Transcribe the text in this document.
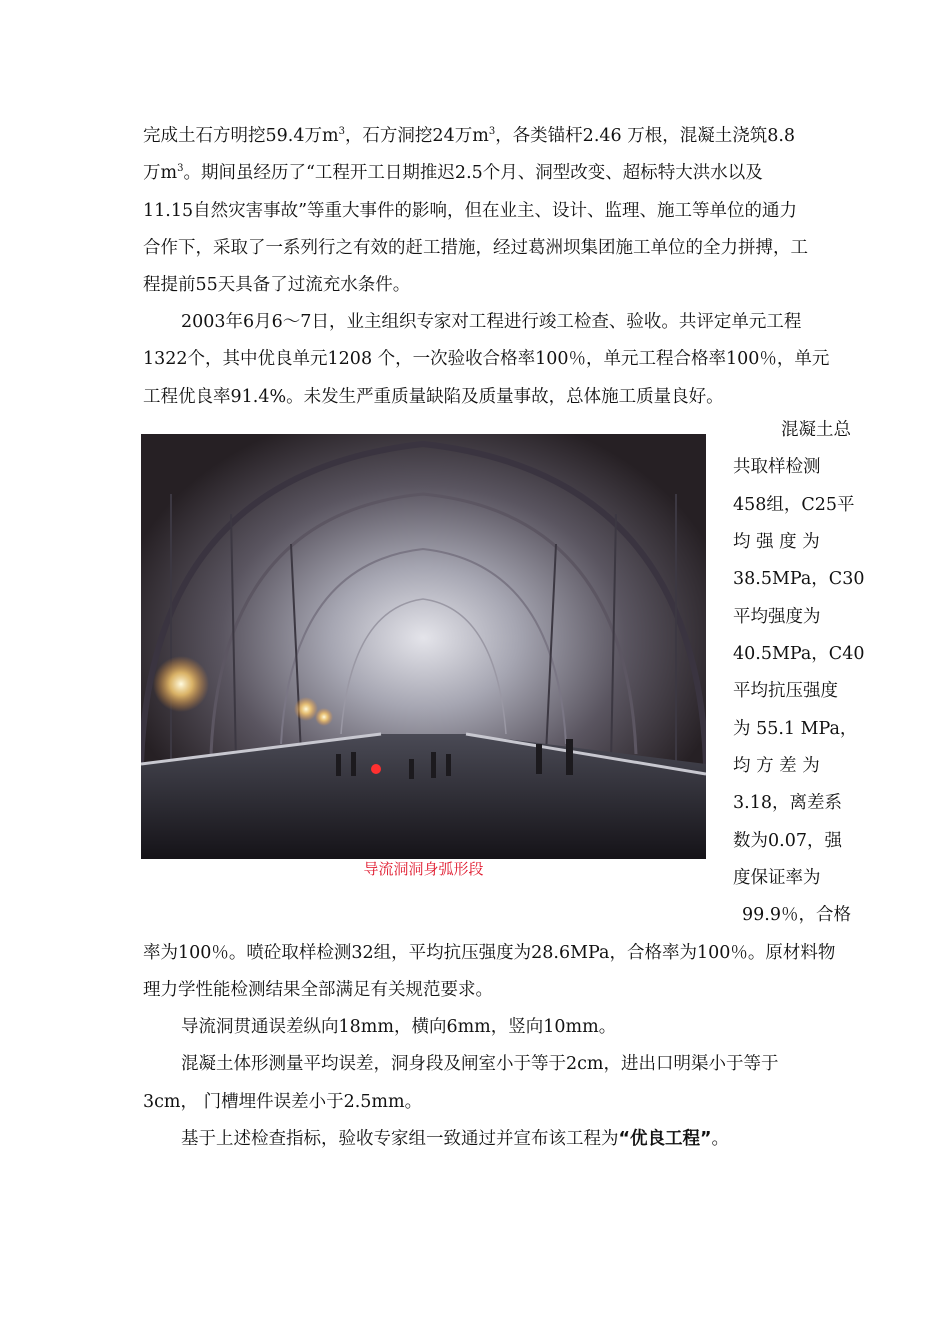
完成土石方明挖59.4万$m^3$，石方洞挖24万$m^3$，各类锚杆2.46 万根，混凝土浇筑8.8
万$m^3$。期间虽经历了“工程开工日期推迟2.5个月、洞型改变、超标特大洪水以及
11.15自然灾害事故”等重大事件的影响，但在业主、设计、监理、施工等单位的通力
合作下，采取了一系列行之有效的赶工措施，经过葛洲坝集团施工单位的全力拼搏，工
程提前55天具备了过流充水条件。
2003年6月6～7日，业主组织专家对工程进行竣工检查、验收。共评定单元工程
1322个，其中优良单元1208 个，一次验收合格率100％，单元工程合格率100％，单元
工程优良率91.4%。未发生严重质量缺陷及质量事故，总体施工质量良好。
导流洞洞身弧形段
混凝土总
共取样检测
458组，C25平
均 强 度 为
38.5MPa，C30
平均强度为
40.5MPa，C40
平均抗压强度
为 55.1 MPa，
均 方 差 为
3.18，离差系
数为0.07，强
度保证率为
99.9％，合格
率为100％。喷砼取样检测32组，平均抗压强度为28.6MPa，合格率为100％。原材料物
理力学性能检测结果全部满足有关规范要求。
导流洞贯通误差纵向18mm，横向6mm，竖向10mm。
混凝土体形测量平均误差，洞身段及闸室小于等于2cm，进出口明渠小于等于
3cm， 门槽埋件误差小于2.5mm。
基于上述检查指标，验收专家组一致通过并宣布该工程为 “优良工程” 。
